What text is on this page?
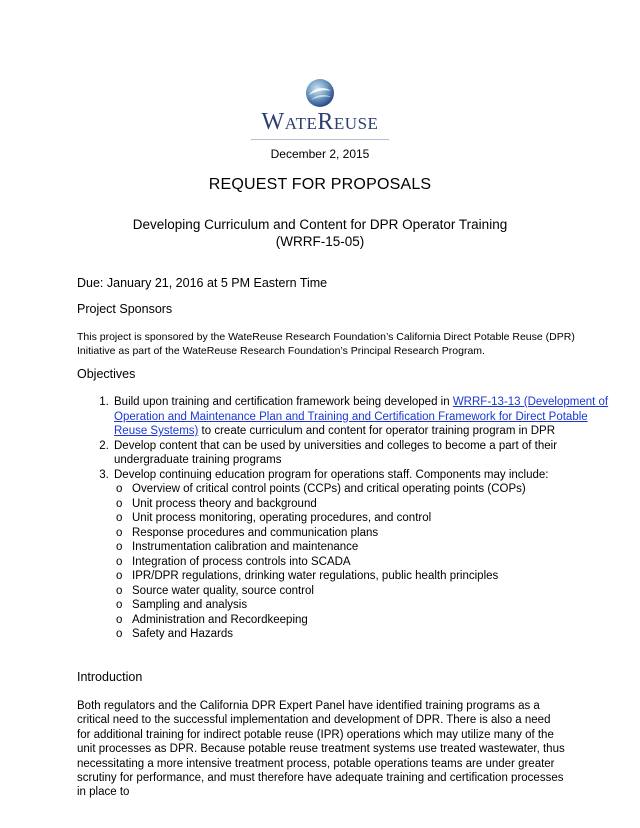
WATEREUSE
December 2, 2015
REQUEST FOR PROPOSALS
Developing Curriculum and Content for DPR Operator Training
(WRRF-15-05)
Due: January 21, 2016 at 5 PM Eastern Time
Project Sponsors
This project is sponsored by the WateReuse Research Foundation’s California Direct Potable Reuse (DPR) Initiative as part of the WateReuse Research Foundation’s Principal Research Program.
Objectives
1. Build upon training and certification framework being developed in WRRF-13-13 (Development of Operation and Maintenance Plan and Training and Certification Framework for Direct Potable Reuse Systems) to create curriculum and content for operator training program in DPR
2. Develop content that can be used by universities and colleges to become a part of their undergraduate training programs
3. Develop continuing education program for operations staff. Components may include:
o Overview of critical control points (CCPs) and critical operating points (COPs)
o Unit process theory and background
o Unit process monitoring, operating procedures, and control
o Response procedures and communication plans
o Instrumentation calibration and maintenance
o Integration of process controls into SCADA
o IPR/DPR regulations, drinking water regulations, public health principles
o Source water quality, source control
o Sampling and analysis
o Administration and Recordkeeping
o Safety and Hazards
Introduction

Both regulators and the California DPR Expert Panel have identified training programs as a critical need to the successful implementation and development of DPR. There is also a need for additional training for indirect potable reuse (IPR) operations which may utilize many of the unit processes as DPR. Because potable reuse treatment systems use treated wastewater, thus necessitating a more intensive treatment process, potable operations teams are under greater scrutiny for performance, and must therefore have adequate training and certification processes in place to
